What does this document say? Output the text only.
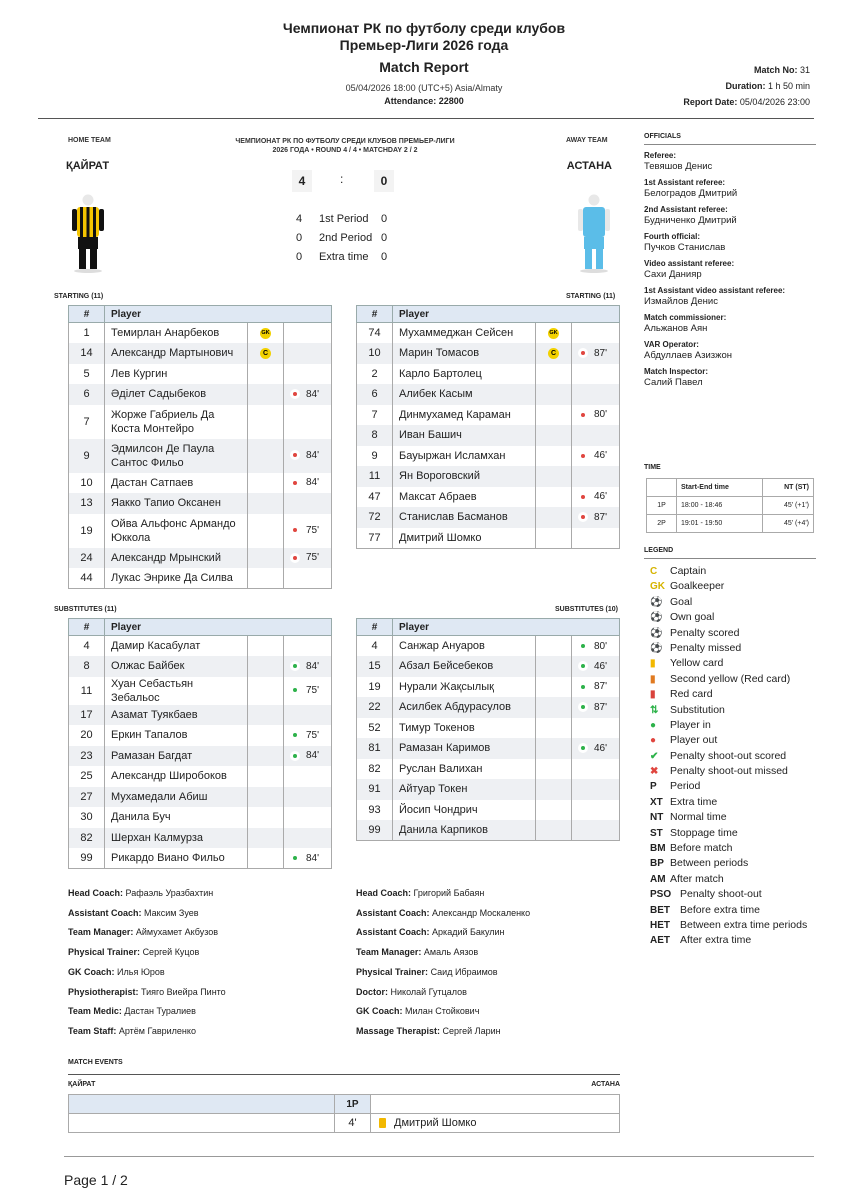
Чемпионат РК по футболу среди клубов
Премьер-Лиги 2026 года
Match Report
05/04/2026 18:00 (UTC+5) Asia/Almaty
Attendance: 22800
Match No: 31
Duration: 1 h 50 min
Report Date: 05/04/2026 23:00
HOME TEAM	ЧЕМПИОНАТ РК ПО ФУТБОЛУ СРЕДИ КЛУБОВ ПРЕМЬЕР-ЛИГИ 2026 ГОДА • ROUND 4 / 4 • MATCHDAY 2 / 2
AWAY TEAM
ҚАЙРАТ	АСТАНА
4	:	0
4 1st Period 0
0 2nd Period 0
0 Extra time 0
STARTING (11)	STARTING (11)
#	Player		
1	Темирлан Анарбеков	GK	
14	Александр Мартынович	C	
5	Лев Кургин		
6	Әділет Садыбеков		84'
7	Жорже Габриель Да Коста Монтейро		
9	Эдмилсон Де Паула Сантос Фильо		84'
10	Дастан Сатпаев		84'
13	Яакко Тапио Оксанен		
19	Ойва Альфонс Армандо Юккола		75'
24	Александр Мрынский		75'
44	Лукас Энрике Да Силва		
#	Player		
74	Мухаммеджан Сейсен	GK	
10	Марин Томасов	C	87'
2	Карло Бартолец		
6	Алибек Касым		
7	Динмухамед Караман		80'
8	Иван Башич		
9	Бауыржан Исламхан		46'
11	Ян Вороговский		
47	Максат Абраев		46'
72	Станислав Басманов		87'
77	Дмитрий Шомко		
SUBSTITUTES (11)	SUBSTITUTES (10)
#	Player		
4	Дамир Касабулат		
8	Олжас Байбек		84'
11	Хуан Себастьян Зебальос		75'
17	Азамат Туякбаев		
20	Еркин Тапалов		75'
23	Рамазан Багдат		84'
25	Александр Широбоков		
27	Мухамедали Абиш		
30	Данила Буч		
82	Шерхан Калмурза		
99	Рикардо Виано Фильо		84'
#	Player		
4	Санжар Ануаров		80'
15	Абзал Бейсебеков		46'
19	Нурали Жақсылық		87'
22	Асилбек Абдурасулов		87'
52	Тимур Токенов		
81	Рамазан Каримов		46'
82	Руслан Валихан		
91	Айтуар Токен		
93	Йосип Чондрич		
99	Данила Карпиков		
Head Coach: Рафаэль Уразбахтин
Assistant Coach: Максим Зуев
Team Manager: Аймухамет Акбузов
Physical Trainer: Сергей Куцов
GK Coach: Илья Юров
Physiotherapist: Тияго Виейра Пинто
Team Medic: Дастан Туралиев
Team Staff: Артём Гавриленко
Head Coach: Григорий Бабаян
Assistant Coach: Александр Москаленко
Assistant Coach: Аркадий Бакулин
Team Manager: Амаль Аязов
Physical Trainer: Саид Ибраимов
Doctor: Николай Гутцалов
GK Coach: Милан Стойкович
Massage Therapist: Сергей Ларин
OFFICIALS
Referee:
Тевяшов Денис
1st Assistant referee:
Белоградов Дмитрий
2nd Assistant referee:
Будниченко Дмитрий
Fourth official:
Пучков Станислав
Video assistant referee:
Сахи Данияр
1st Assistant video assistant referee:
Измайлов Денис
Match commissioner:
Альжанов Аян
VAR Operator:
Абдуллаев Азизжон
Match Inspector:
Салий Павел
TIME
	Start-End time	NT (ST)
1P	18:00 - 18:46	45' (+1')
2P	19:01 - 19:50	45' (+4')
LEGEND
C Captain
GK Goalkeeper
⚽ Goal
⚽ Own goal
⚽ Penalty scored
⚽ Penalty missed
▮ Yellow card
▮ Second yellow (Red card)
▮ Red card
⇅ Substitution
● Player in
● Player out
✔ Penalty shoot-out scored
✖ Penalty shoot-out missed
P Period
XT Extra time
NT Normal time
ST Stoppage time
BM Before match
BP Between periods
AM After match
PSO Penalty shoot-out
BET Before extra time
HET Between extra time periods
AET After extra time
MATCH EVENTS
ҚАЙРАТ	АСТАНА
	1P	
	4'	Дмитрий Шомко
Page 1 / 2
